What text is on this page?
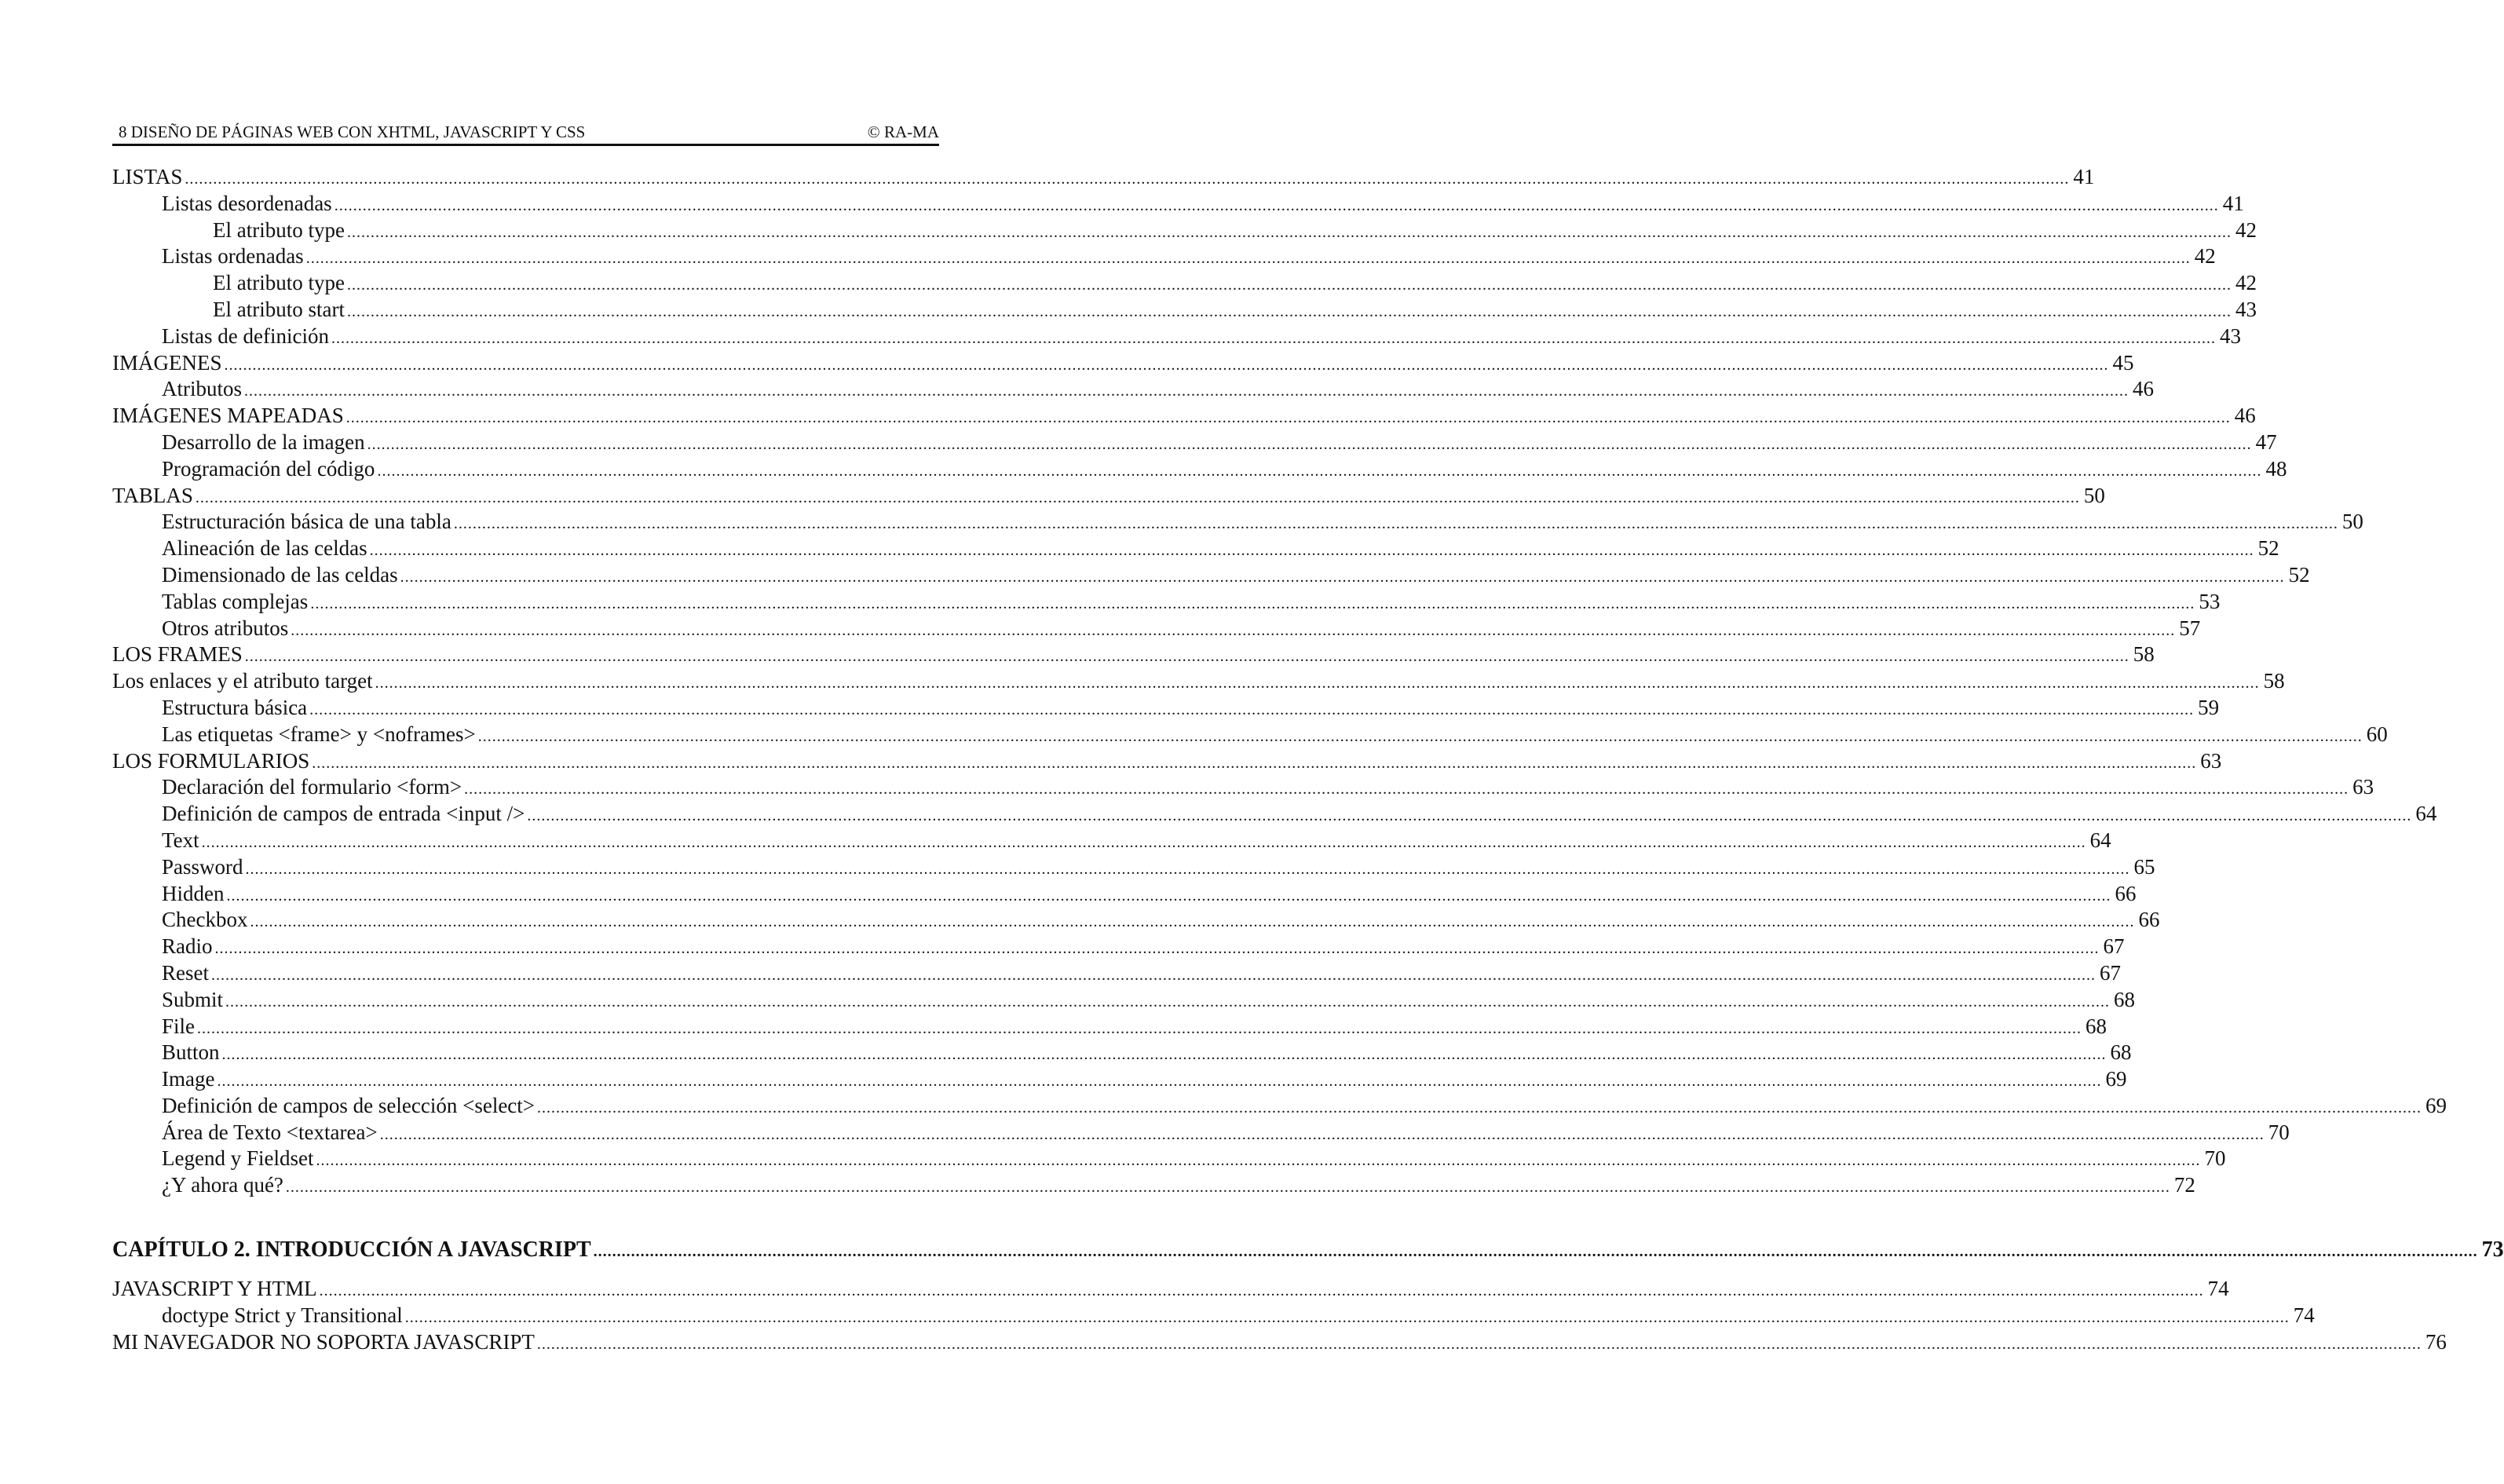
8 DISEÑO DE PÁGINAS WEB CON XHTML, JAVASCRIPT Y CSS	© RA-MA
LISTAS ................................................................................................................................................................................................................................................................................................................................................................................................................ 41
Listas desordenadas ................................................................................................................................................................................................................................................................................................................................................................................................................ 41
El atributo type ................................................................................................................................................................................................................................................................................................................................................................................................................ 42
Listas ordenadas ................................................................................................................................................................................................................................................................................................................................................................................................................ 42
El atributo type ................................................................................................................................................................................................................................................................................................................................................................................................................ 42
El atributo start ................................................................................................................................................................................................................................................................................................................................................................................................................ 43
Listas de definición ................................................................................................................................................................................................................................................................................................................................................................................................................ 43
IMÁGENES ................................................................................................................................................................................................................................................................................................................................................................................................................ 45
Atributos ................................................................................................................................................................................................................................................................................................................................................................................................................ 46
IMÁGENES MAPEADAS ................................................................................................................................................................................................................................................................................................................................................................................................................ 46
Desarrollo de la imagen ................................................................................................................................................................................................................................................................................................................................................................................................................ 47
Programación del código ................................................................................................................................................................................................................................................................................................................................................................................................................ 48
TABLAS ................................................................................................................................................................................................................................................................................................................................................................................................................ 50
Estructuración básica de una tabla ................................................................................................................................................................................................................................................................................................................................................................................................................ 50
Alineación de las celdas ................................................................................................................................................................................................................................................................................................................................................................................................................ 52
Dimensionado de las celdas ................................................................................................................................................................................................................................................................................................................................................................................................................ 52
Tablas complejas ................................................................................................................................................................................................................................................................................................................................................................................................................ 53
Otros atributos ................................................................................................................................................................................................................................................................................................................................................................................................................ 57
LOS FRAMES ................................................................................................................................................................................................................................................................................................................................................................................................................ 58
Los enlaces y el atributo target ................................................................................................................................................................................................................................................................................................................................................................................................................ 58
Estructura básica ................................................................................................................................................................................................................................................................................................................................................................................................................ 59
Las etiquetas <frame> y <noframes> ................................................................................................................................................................................................................................................................................................................................................................................................................ 60
LOS FORMULARIOS ................................................................................................................................................................................................................................................................................................................................................................................................................ 63
Declaración del formulario <form> ................................................................................................................................................................................................................................................................................................................................................................................................................ 63
Definición de campos de entrada <input /> ................................................................................................................................................................................................................................................................................................................................................................................................................ 64
Text ................................................................................................................................................................................................................................................................................................................................................................................................................ 64
Password ................................................................................................................................................................................................................................................................................................................................................................................................................ 65
Hidden ................................................................................................................................................................................................................................................................................................................................................................................................................ 66
Checkbox ................................................................................................................................................................................................................................................................................................................................................................................................................ 66
Radio ................................................................................................................................................................................................................................................................................................................................................................................................................ 67
Reset ................................................................................................................................................................................................................................................................................................................................................................................................................ 67
Submit ................................................................................................................................................................................................................................................................................................................................................................................................................ 68
File ................................................................................................................................................................................................................................................................................................................................................................................................................ 68
Button ................................................................................................................................................................................................................................................................................................................................................................................................................ 68
Image ................................................................................................................................................................................................................................................................................................................................................................................................................ 69
Definición de campos de selección <select> ................................................................................................................................................................................................................................................................................................................................................................................................................ 69
Área de Texto <textarea> ................................................................................................................................................................................................................................................................................................................................................................................................................ 70
Legend y Fieldset ................................................................................................................................................................................................................................................................................................................................................................................................................ 70
¿Y ahora qué? ................................................................................................................................................................................................................................................................................................................................................................................................................ 72
CAPÍTULO 2. INTRODUCCIÓN A JAVASCRIPT ................................................................................................................................................................................................................................................................................................................................................................................................................ 73
JAVASCRIPT Y HTML ................................................................................................................................................................................................................................................................................................................................................................................................................ 74
doctype Strict y Transitional ................................................................................................................................................................................................................................................................................................................................................................................................................ 74
MI NAVEGADOR NO SOPORTA JAVASCRIPT ................................................................................................................................................................................................................................................................................................................................................................................................................ 76
